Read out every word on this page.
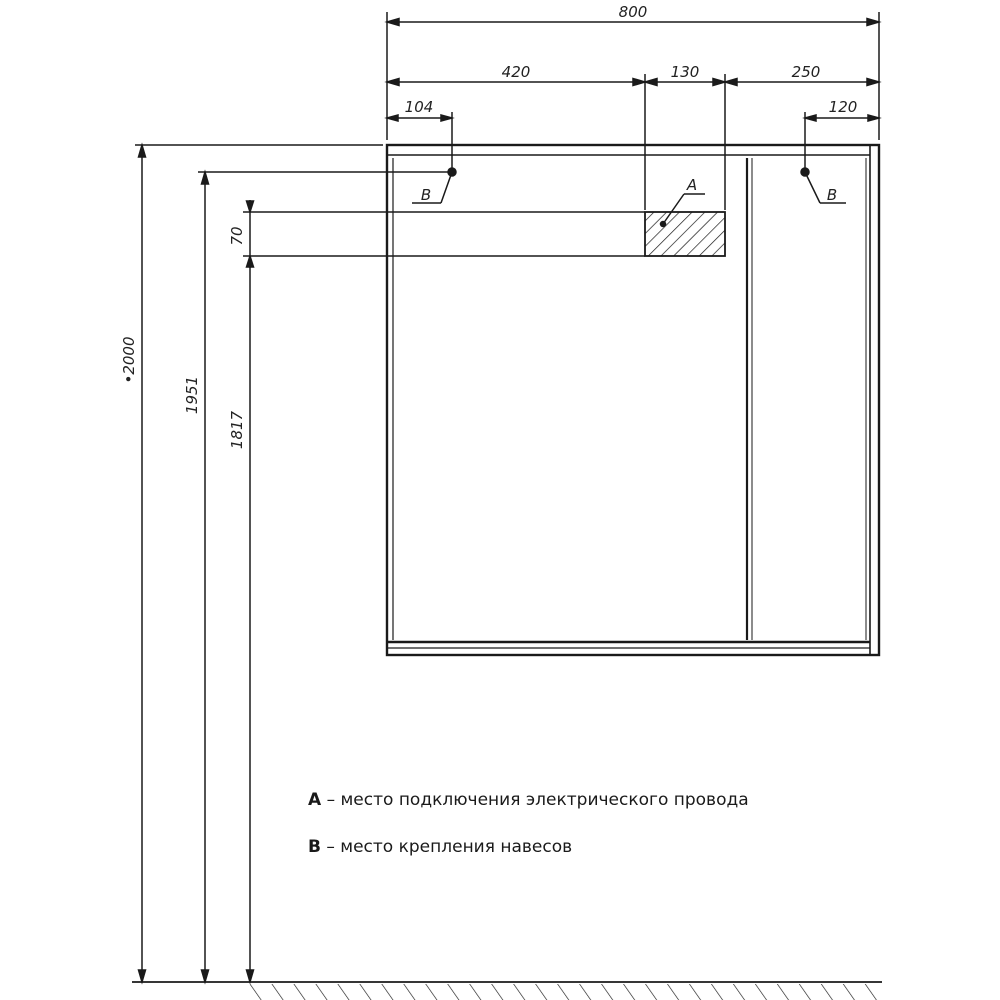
800
420	130	250
104	120
•2000
1951
1817
70
A
B	B
А – место подключения электрического провода
В – место крепления навесов
